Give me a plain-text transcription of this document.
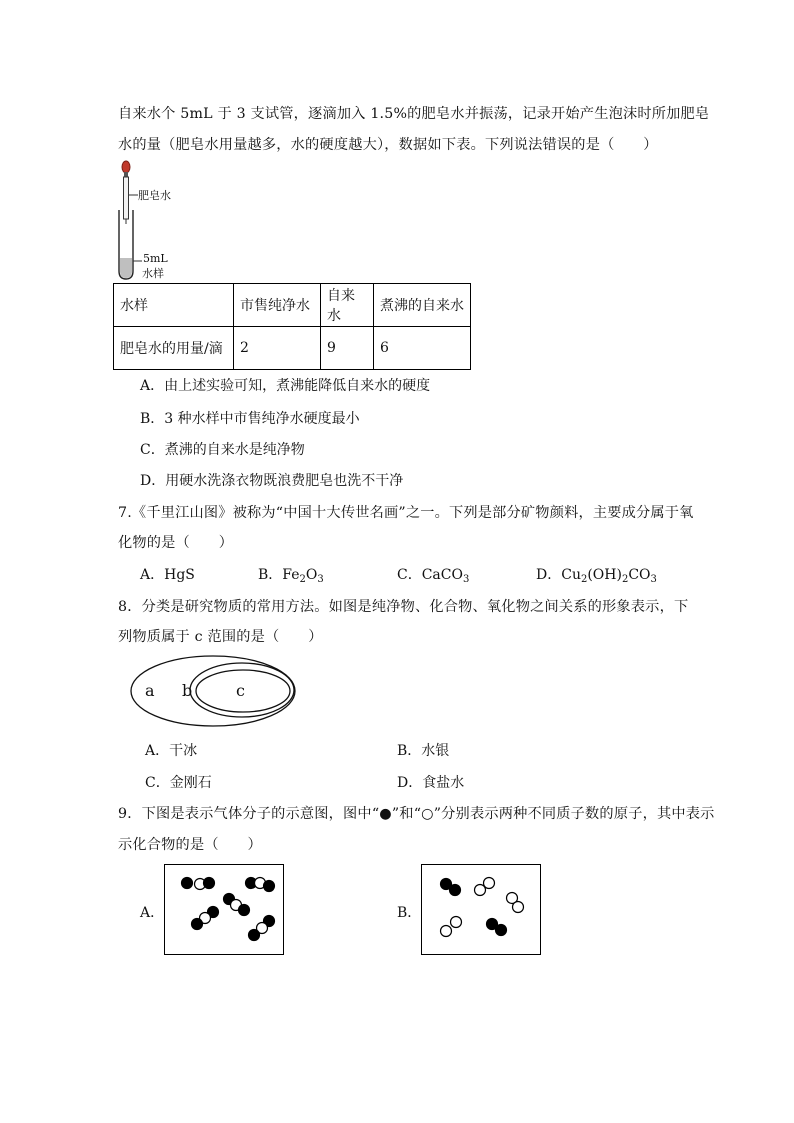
自来水个 5mL 于 3 支试管，逐滴加入 1.5%的肥皂水并振荡，记录开始产生泡沫时所加肥皂
水的量（肥皂水用量越多，水的硬度越大），数据如下表。下列说法错误的是（　　）
肥皂水
5mL
水样
水样	市售纯净水	自来水	煮沸的自来水
肥皂水的用量/滴	2	9	6
A．由上述实验可知，煮沸能降低自来水的硬度
B．3 种水样中市售纯净水硬度最小
C．煮沸的自来水是纯净物
D．用硬水洗涤衣物既浪费肥皂也洗不干净
7.《千里江山图》被称为“中国十大传世名画”之一。下列是部分矿物颜料，主要成分属于氧
化物的是（　　）
A．HgS	B．$Fe_2O_3$	C．CaCO$_3$	D．$Cu_2(OH)_2CO_3$
8．分类是研究物质的常用方法。如图是纯净物、化合物、氧化物之间关系的形象表示，下
列物质属于 c 范围的是（　　）
a b	c
A．干冰	B．水银
C．金刚石	D．食盐水
9．下图是表示气体分子的示意图，图中“●”和“○”分别表示两种不同质子数的原子，其中表示
示化合物的是（　　）
A．	B．
